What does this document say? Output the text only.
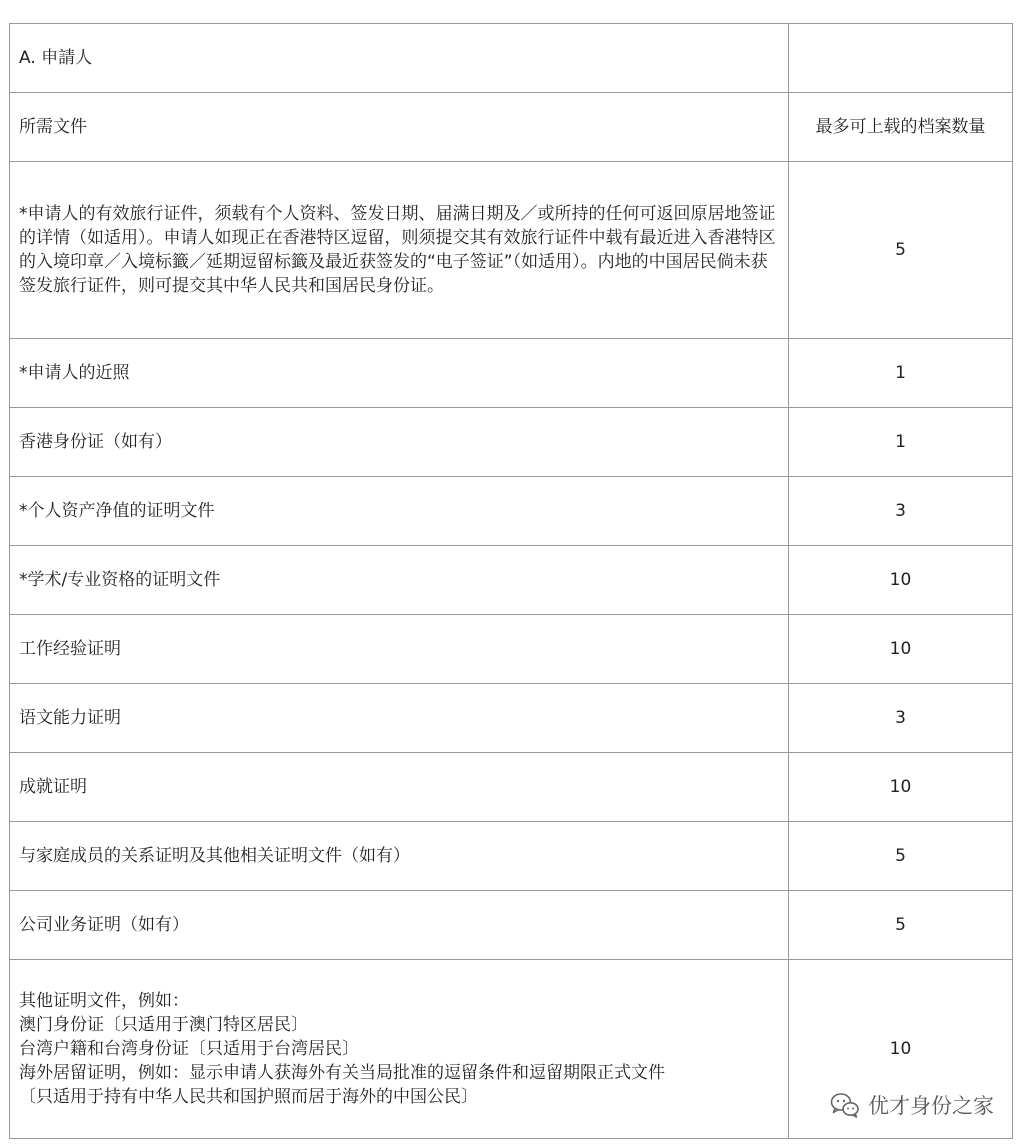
A. 申請人	
所需文件	最多可上载的档案数量
*申请人的有效旅行证件，须载有个人资料、签发日期、届满日期及／或所持的任何可返回原居地签证的详情（如适用）。申请人如现正在香港特区逗留，则须提交其有效旅行证件中载有最近进入香港特区的入境印章／入境标籤／延期逗留标籤及最近获签发的“电子签证”（如适用）。内地的中国居民倘未获签发旅行证件，则可提交其中华人民共和国居民身份证。	5
*申请人的近照	1
香港身份证（如有）	1
*个人资产净值的证明文件	3
*学术/专业资格的证明文件	10
工作经验证明	10
语文能力证明	3
成就证明	10
与家庭成员的关系证明及其他相关证明文件（如有）	5
公司业务证明（如有）	5

其他证明文件，例如：
澳门身份证〔只适用于澳门特区居民〕
台湾户籍和台湾身份证〔只适用于台湾居民〕
海外居留证明，例如：显示申请人获海外有关当局批准的逗留条件和逗留期限正式文件
〔只适用于持有中华人民共和国护照而居于海外的中国公民〕	10
优才身份之家
